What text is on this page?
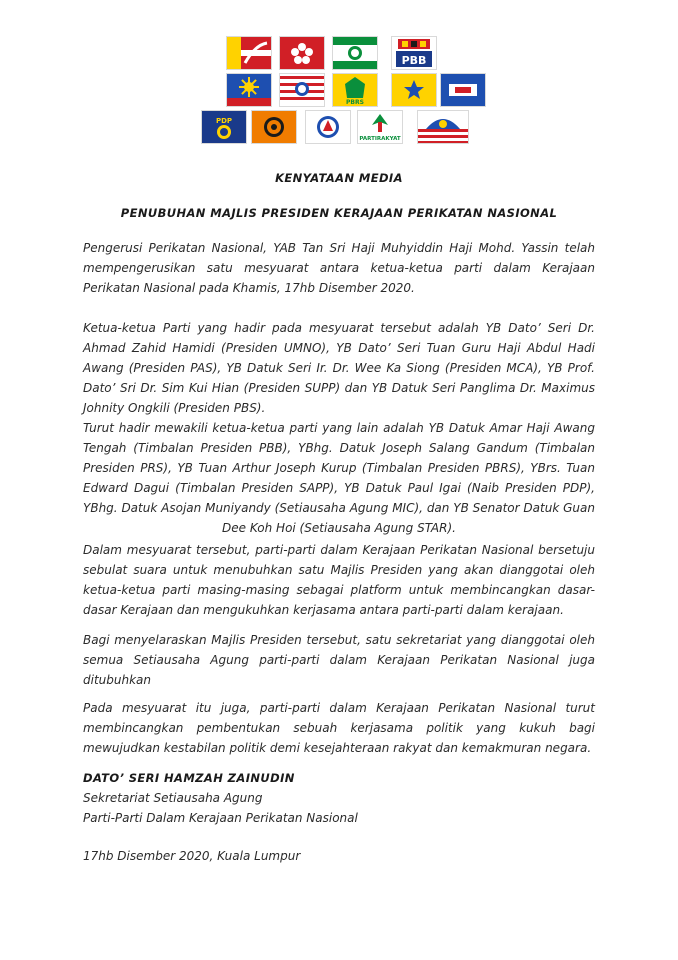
PBB
PBRS
PDP
PARTIRAKYAT
KENYATAAN MEDIA
PENUBUHAN MAJLIS PRESIDEN KERAJAAN PERIKATAN NASIONAL
Pengerusi Perikatan Nasional, YAB Tan Sri Haji Muhyiddin Haji Mohd. Yassin telah mempengerusikan satu mesyuarat antara ketua-ketua parti dalam Kerajaan Perikatan Nasional pada Khamis, 17hb Disember 2020.
Ketua-ketua Parti yang hadir pada mesyuarat tersebut adalah YB Dato’ Seri Dr. Ahmad Zahid Hamidi (Presiden UMNO), YB Dato’ Seri Tuan Guru Haji Abdul Hadi Awang (Presiden PAS), YB Datuk Seri Ir. Dr. Wee Ka Siong (Presiden MCA), YB Prof. Dato’ Sri Dr. Sim Kui Hian (Presiden SUPP) dan YB Datuk Seri Panglima Dr. Maximus Johnity Ongkili (Presiden PBS).
Turut hadir mewakili ketua-ketua parti yang lain adalah YB Datuk Amar Haji Awang Tengah (Timbalan Presiden PBB), YBhg. Datuk Joseph Salang Gandum (Timbalan Presiden PRS), YB Tuan Arthur Joseph Kurup (Timbalan Presiden PBRS), YBrs. Tuan Edward Dagui (Timbalan Presiden SAPP), YB Datuk Paul Igai (Naib Presiden PDP), YBhg. Datuk Asojan Muniyandy (Setiausaha Agung MIC), dan YB Senator Datuk Guan Dee Koh Hoi (Setiausaha Agung STAR).
Dalam mesyuarat tersebut, parti-parti dalam Kerajaan Perikatan Nasional bersetuju sebulat suara untuk menubuhkan satu Majlis Presiden yang akan dianggotai oleh ketua-ketua parti masing-masing sebagai platform untuk membincangkan dasar-dasar Kerajaan dan mengukuhkan kerjasama antara parti-parti dalam kerajaan.
Bagi menyelaraskan Majlis Presiden tersebut, satu sekretariat yang dianggotai oleh semua Setiausaha Agung parti-parti dalam Kerajaan Perikatan Nasional juga ditubuhkan
Pada mesyuarat itu juga, parti-parti dalam Kerajaan Perikatan Nasional turut membincangkan pembentukan sebuah kerjasama politik yang kukuh bagi mewujudkan kestabilan politik demi kesejahteraan rakyat dan kemakmuran negara.
DATO’ SERI HAMZAH ZAINUDIN
Sekretariat Setiausaha Agung
Parti-Parti Dalam Kerajaan Perikatan Nasional
17hb Disember 2020, Kuala Lumpur
